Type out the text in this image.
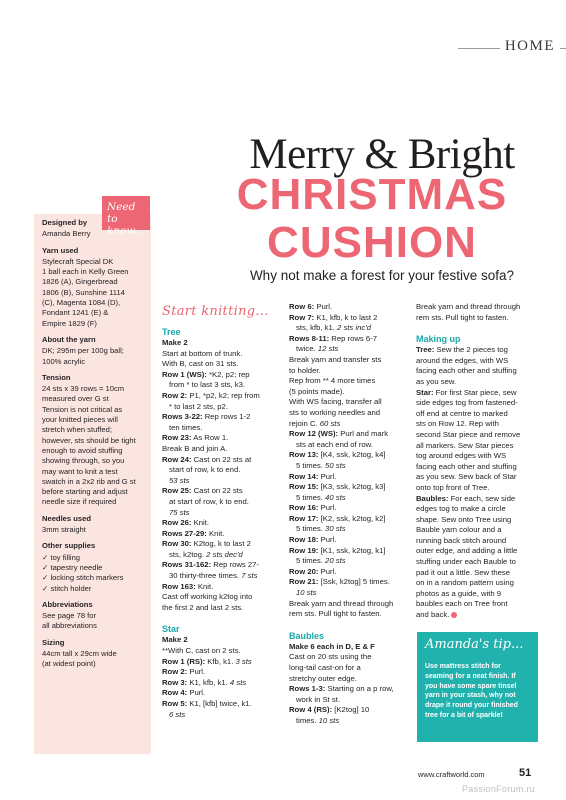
HOME
Merry & Bright
CHRISTMAS
CUSHION
Why not make a forest for your festive sofa?
Need to
know...
Designed by
Amanda Berry
Yarn used
Stylecraft Special DK
1 ball each in Kelly Green
1826 (A), Gingerbread
1806 (B), Sunshine 1114
(C), Magenta 1084 (D),
Fondant 1241 (E) &
Empire 1829 (F)
About the yarn
DK; 295m per 100g ball;
100% acrylic
Tension
24 sts x 39 rows = 10cm
measured over G st
Tension is not critical as
your knitted pieces will
stretch when stuffed;
however, sts should be tight
enough to avoid stuffing
showing through, so you
may want to knit a test
swatch in a 2x2 rib and G st
before starting and adjust
needle size if required
Needles used
3mm straight
Other supplies
✓ toy filling
✓ tapestry needle
✓ locking stitch markers
✓ stitch holder
Abbreviations
See page 78 for
all abbreviations
Sizing
44cm tall x 29cm wide
(at widest point)
Start knitting...
Tree
Make 2
Start at bottom of trunk.
With B, cast on 31 sts.
Row 1 (WS): *K2, p2; rep
from * to last 3 sts, k3.
Row 2: P1, *p2, k2; rep from
* to last 2 sts, p2.
Rows 3-22: Rep rows 1-2
ten times.
Row 23: As Row 1.
Break B and join A.
Row 24: Cast on 22 sts at
start of row, k to end.
53 sts
Row 25: Cast on 22 sts
at start of row, k to end.
75 sts
Row 26: Knit.
Rows 27-29: Knit.
Row 30: K2tog, k to last 2
sts, k2tog. 2 sts dec'd
Rows 31-162: Rep rows 27-
30 thirty-three times. 7 sts
Row 163: Knit.
Cast off working k2tog into
the first 2 and last 2 sts.
Star
Make 2
**With C, cast on 2 sts.
Row 1 (RS): Kfb, k1. 3 sts
Row 2: Purl.
Row 3: K1, kfb, k1. 4 sts
Row 4: Purl.
Row 5: K1, [kfb] twice, k1.
6 sts
Row 6: Purl.
Row 7: K1, kfb, k to last 2
sts, kfb, k1. 2 sts inc'd
Rows 8-11: Rep rows 6-7
twice. 12 sts
Break yarn and transfer sts
to holder.
Rep from ** 4 more times
(5 points made).
With WS facing, transfer all
sts to working needles and
rejoin C. 60 sts
Row 12 (WS): Purl and mark
sts at each end of row.
Row 13: [K4, ssk, k2tog, k4]
5 times. 50 sts
Row 14: Purl.
Row 15: [K3, ssk, k2tog, k3]
5 times. 40 sts
Row 16: Purl.
Row 17: [K2, ssk, k2tog, k2]
5 times. 30 sts
Row 18: Purl.
Row 19: [K1, ssk, k2tog, k1]
5 times. 20 sts
Row 20: Purl.
Row 21: [Ssk, k2tog] 5 times.
10 sts
Break yarn and thread through
rem sts. Pull tight to fasten.
Baubles
Make 6 each in D, E & F
Cast on 20 sts using the
long-tail cast-on for a
stretchy outer edge.
Rows 1-3: Starting on a p row,
work in St st.
Row 4 (RS): [K2tog] 10
times. 10 sts
Break yarn and thread through
rem sts. Pull tight to fasten.
Making up
Tree: Sew the 2 pieces tog
around the edges, with WS
facing each other and stuffing
as you sew.
Star: For first Star piece, sew
side edges tog from fastened-
off end at centre to marked
sts on Row 12. Rep with
second Star piece and remove
all markers. Sew Star pieces
tog around edges with WS
facing each other and stuffing
as you sew. Sew back of Star
onto top front of Tree.
Baubles: For each, sew side
edges tog to make a circle
shape. Sew onto Tree using
Bauble yarn colour and a
running back stitch around
outer edge, and adding a little
stuffing under each Bauble to
pad it out a little. Sew these
on in a random pattern using
photos as a guide, with 9
baubles each on Tree front
and back.
Amanda's tip...
Use mattress stitch for
seaming for a neat finish. If
you have some spare tinsel
yarn in your stash, why not
drape it round your finished
tree for a bit of sparkle!
www.craftworld.com	51
PassionForum.ru
